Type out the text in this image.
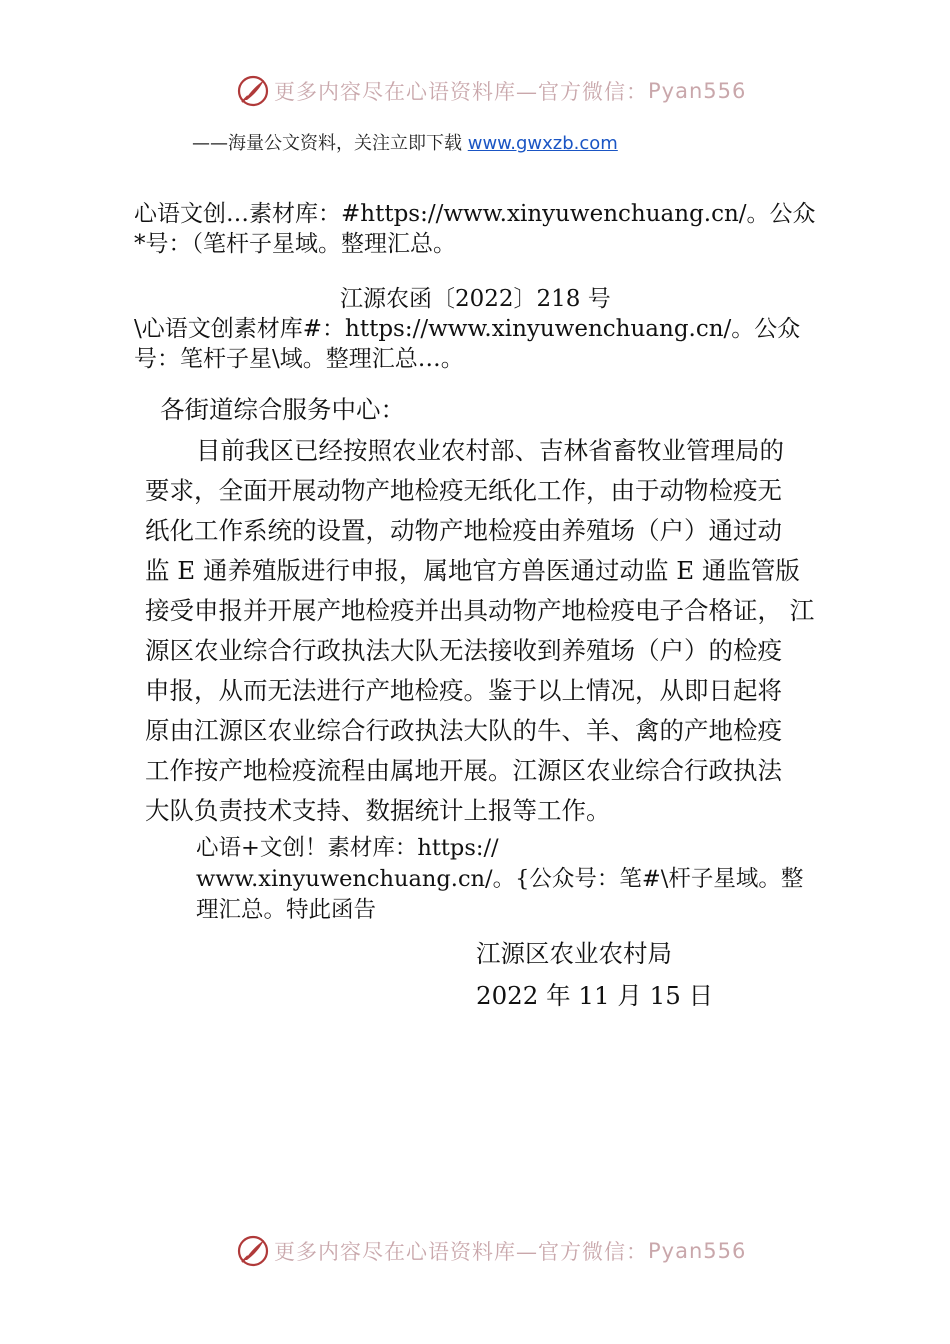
更多内容尽在心语资料库—官方微信： Pyan556
——海量公文资料，关注立即下载 www.gwxzb.com
心语文创…素材库：#https://www.xinyuwenchuang.cn/。公众
*号：（笔杆子星域。整理汇总。
江源农函〔2022〕218 号
\心语文创素材库#：https://www.xinyuwenchuang.cn/。公众
号：笔杆子星\域。整理汇总…。
各街道综合服务中心：
目前我区已经按照农业农村部、吉林省畜牧业管理局的
要求，全面开展动物产地检疫无纸化工作，由于动物检疫无
纸化工作系统的设置，动物产地检疫由养殖场（户）通过动
监 E 通养殖版进行申报，属地官方兽医通过动监 E 通监管版
接受申报并开展产地检疫并出具动物产地检疫电子合格证， 江
源区农业综合行政执法大队无法接收到养殖场（户）的检疫
申报，从而无法进行产地检疫。鉴于以上情况，从即日起将
原由江源区农业综合行政执法大队的牛、羊、禽的产地检疫
工作按产地检疫流程由属地开展。江源区农业综合行政执法
大队负责技术支持、数据统计上报等工作。
心语+文创！素材库：https://
www.xinyuwenchuang.cn/。{公众号：笔#\杆子星域。整
理汇总。特此函告
江源区农业农村局
2022 年 11 月 15 日
更多内容尽在心语资料库—官方微信： Pyan556
